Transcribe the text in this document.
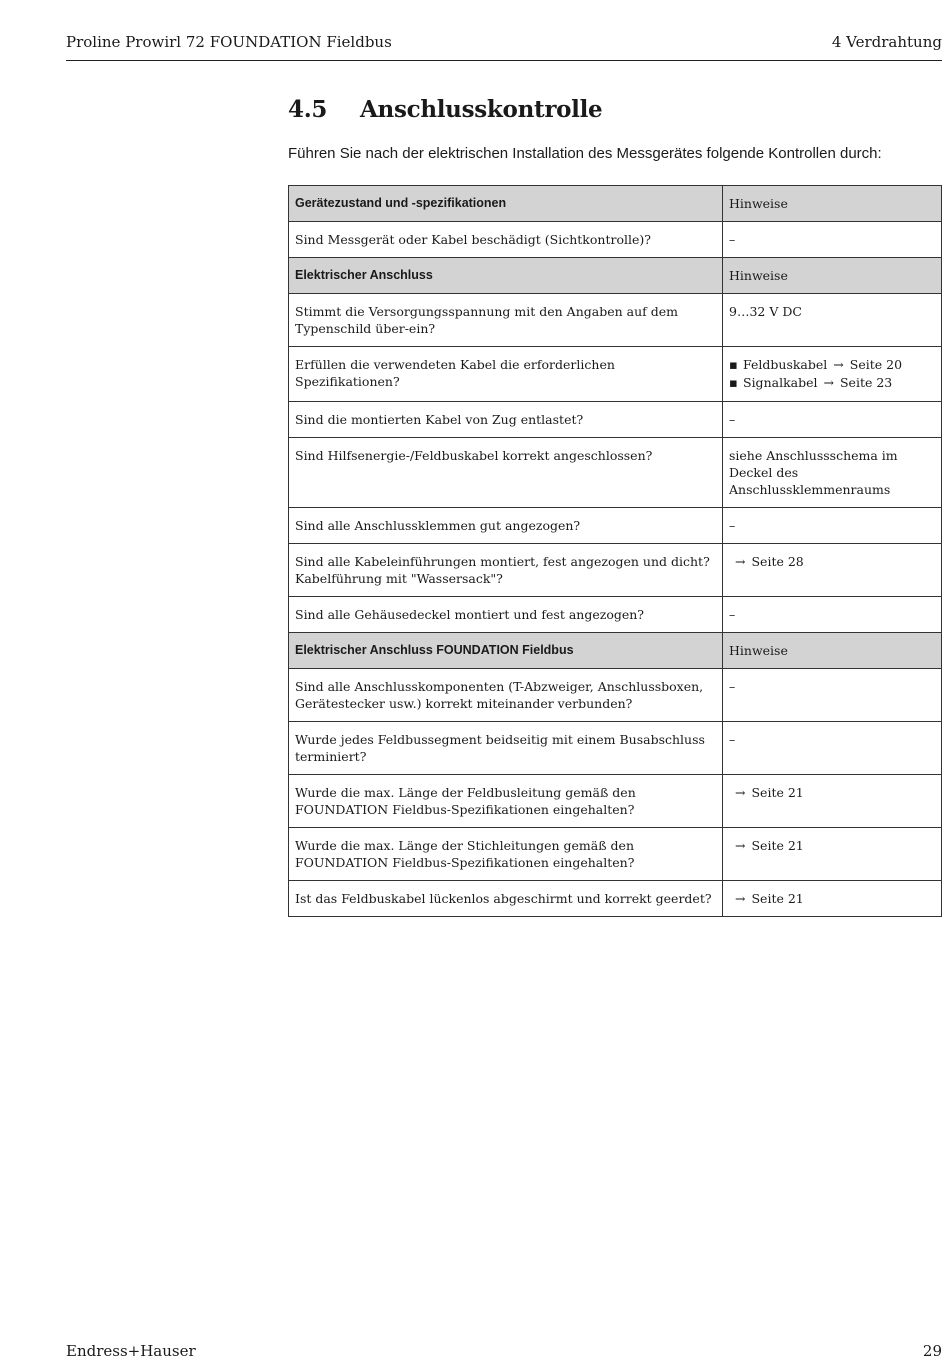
Proline Prowirl 72 FOUNDATION Fieldbus	4 Verdrahtung
4.5 Anschlusskontrolle
Führen Sie nach der elektrischen Installation des Messgerätes folgende Kontrollen durch:
Gerätezustand und -spezifikationen	Hinweise
Sind Messgerät oder Kabel beschädigt (Sichtkontrolle)?	–
Elektrischer Anschluss	Hinweise
Stimmt die Versorgungsspannung mit den Angaben auf dem Typenschild über-ein?	9…32 V DC
Erfüllen die verwendeten Kabel die erforderlichen Spezifikationen?	▪ Feldbuskabel → Seite 20
▪ Signalkabel → Seite 23

Sind die montierten Kabel von Zug entlastet?	–
Sind Hilfsenergie-/Feldbuskabel korrekt angeschlossen?	siehe Anschlussschema im Deckel des Anschlussklemmenraums
Sind alle Anschlussklemmen gut angezogen?	–

Sind alle Kabeleinführungen montiert, fest angezogen und dicht?
Kabelführung mit "Wassersack"?	→ Seite 28
Sind alle Gehäusedeckel montiert und fest angezogen?	–
Elektrischer Anschluss FOUNDATION Fieldbus	Hinweise
Sind alle Anschlusskomponenten (T-Abzweiger, Anschlussboxen, Gerätestecker usw.) korrekt miteinander verbunden?	–
Wurde jedes Feldbussegment beidseitig mit einem Busabschluss terminiert?	–
Wurde die max. Länge der Feldbusleitung gemäß den FOUNDATION Fieldbus-Spezifikationen eingehalten?	→ Seite 21
Wurde die max. Länge der Stichleitungen gemäß den FOUNDATION Fieldbus-Spezifikationen eingehalten?	→ Seite 21
Ist das Feldbuskabel lückenlos abgeschirmt und korrekt geerdet?	→ Seite 21
Endress+Hauser	29
